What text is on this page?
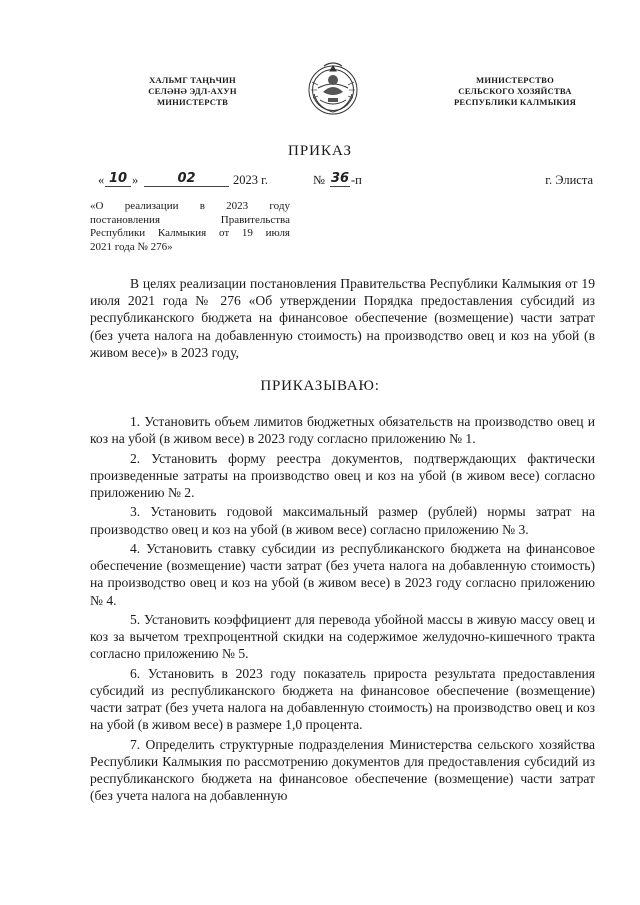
ХАЛЬМГ ТАҢҺЧИН
СЕЛӘНӘ ЭДЛ-АХУН
МИНИСТЕРСТВ
МИНИСТЕРСТВО
СЕЛЬСКОГО ХОЗЯЙСТВА
РЕСПУБЛИКИ КАЛМЫКИЯ
ПРИКАЗ
« 10 »	02	2023 г.	№ 36 -п	г. Элиста
«О реализации в 2023 году
постановления	Правительства
Республики Калмыкия от 19 июля
2021 года № 276»

В целях реализации постановления Правительства Республики Калмыкия от 19 июля 2021 года № 276 «Об утверждении Порядка предоставления субсидий из республиканского бюджета на финансовое обеспечение (возмещение) части затрат (без учета налога на добавленную стоимость) на производство овец и коз на убой (в живом весе)» в 2023 году,

ПРИКАЗЫВАЮ:

1. Установить объем лимитов бюджетных обязательств на производство овец и коз на убой (в живом весе) в 2023 году согласно приложению № 1.

2. Установить форму реестра документов, подтверждающих фактически произведенные затраты на производство овец и коз на убой (в живом весе) согласно приложению № 2.

3. Установить годовой максимальный размер (рублей) нормы затрат на производство овец и коз на убой (в живом весе) согласно приложению № 3.

4. Установить ставку субсидии из республиканского бюджета на финансовое обеспечение (возмещение) части затрат (без учета налога на добавленную стоимость) на производство овец и коз на убой (в живом весе) в 2023 году согласно приложению № 4.

5. Установить коэффициент для перевода убойной массы в живую массу овец и коз за вычетом трехпроцентной скидки на содержимое желудочно-кишечного тракта согласно приложению № 5.

6. Установить в 2023 году показатель прироста результата предоставления субсидий из республиканского бюджета на финансовое обеспечение (возмещение) части затрат (без учета налога на добавленную стоимость) на производство овец и коз на убой (в живом весе) в размере 1,0 процента.

7. Определить структурные подразделения Министерства сельского хозяйства Республики Калмыкия по рассмотрению документов для предоставления субсидий из республиканского бюджета на финансовое обеспечение (возмещение) части затрат (без учета налога на добавленную
